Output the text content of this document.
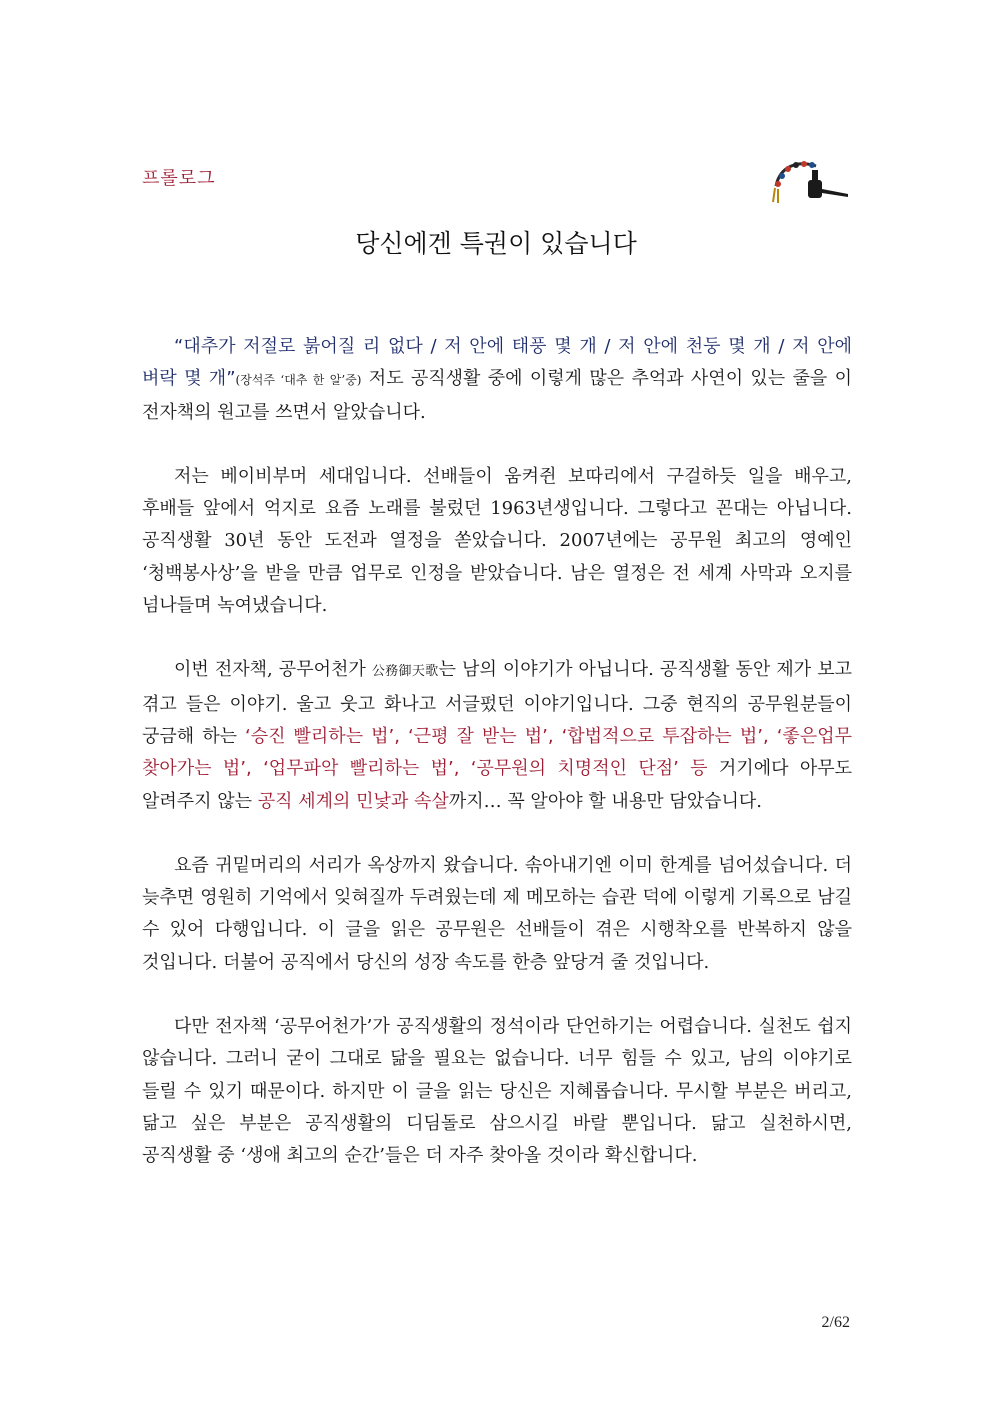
프롤로그
당신에겐 특권이 있습니다

“대추가 저절로 붉어질 리 없다 / 저 안에 태풍 몇 개 / 저 안에 천둥 몇 개 / 저 안에 벼락 몇 개”(장석주 ‘대추 한 알’중) 저도 공직생활 중에 이렇게 많은 추억과 사연이 있는 줄을 이 전자책의 원고를 쓰면서 알았습니다.

저는 베이비부머 세대입니다. 선배들이 움켜쥔 보따리에서 구걸하듯 일을 배우고, 후배들 앞에서 억지로 요즘 노래를 불렀던 1963년생입니다. 그렇다고 꼰대는 아닙니다. 공직생활 30년 동안 도전과 열정을 쏟았습니다. 2007년에는 공무원 최고의 영예인 ‘청백봉사상’을 받을 만큼 업무로 인정을 받았습니다. 남은 열정은 전 세계 사막과 오지를 넘나들며 녹여냈습니다.

이번 전자책, 공무어천가 公務御天歌는 남의 이야기가 아닙니다. 공직생활 동안 제가 보고 겪고 들은 이야기. 울고 웃고 화나고 서글펐던 이야기입니다. 그중 현직의 공무원분들이 궁금해 하는 ‘승진 빨리하는 법’, ‘근평 잘 받는 법’, ‘합법적으로 투잡하는 법’, ‘좋은업무 찾아가는 법’, ‘업무파악 빨리하는 법’, ‘공무원의 치명적인 단점’ 등 거기에다 아무도 알려주지 않는 공직 세계의 민낯과 속살까지… 꼭 알아야 할 내용만 담았습니다.

요즘 귀밑머리의 서리가 옥상까지 왔습니다. 솎아내기엔 이미 한계를 넘어섰습니다. 더 늦추면 영원히 기억에서 잊혀질까 두려웠는데 제 메모하는 습관 덕에 이렇게 기록으로 남길 수 있어 다행입니다. 이 글을 읽은 공무원은 선배들이 겪은 시행착오를 반복하지 않을 것입니다. 더불어 공직에서 당신의 성장 속도를 한층 앞당겨 줄 것입니다.

다만 전자책 ‘공무어천가’가 공직생활의 정석이라 단언하기는 어렵습니다. 실천도 쉽지 않습니다. 그러니 굳이 그대로 닮을 필요는 없습니다. 너무 힘들 수 있고, 남의 이야기로 들릴 수 있기 때문이다. 하지만 이 글을 읽는 당신은 지혜롭습니다. 무시할 부분은 버리고, 닮고 싶은 부분은 공직생활의 디딤돌로 삼으시길 바랄 뿐입니다. 닮고 실천하시면, 공직생활 중 ‘생애 최고의 순간’들은 더 자주 찾아올 것이라 확신합니다.

2/62
